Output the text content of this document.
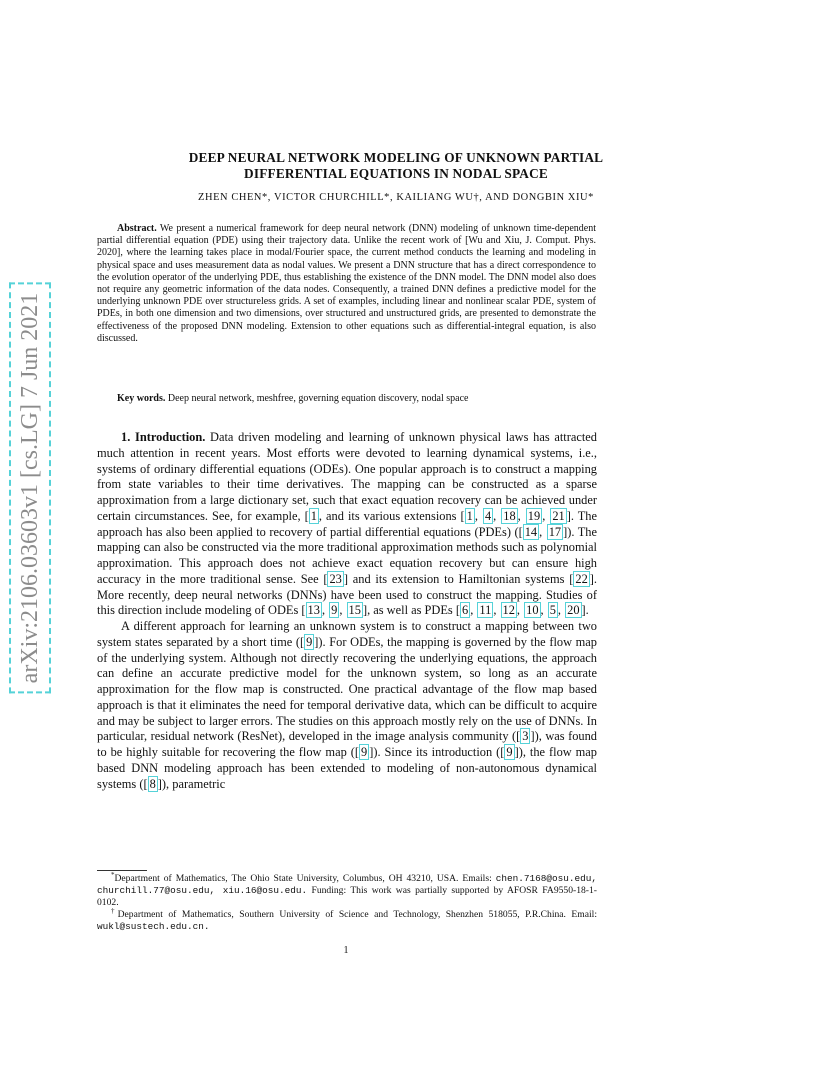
arXiv:2106.03603v1 [cs.LG] 7 Jun 2021
DEEP NEURAL NETWORK MODELING OF UNKNOWN PARTIAL
DIFFERENTIAL EQUATIONS IN NODAL SPACE
ZHEN CHEN*, VICTOR CHURCHILL*, KAILIANG WU†, AND DONGBIN XIU*

Abstract. We present a numerical framework for deep neural network (DNN) modeling of unknown time-dependent partial differential equation (PDE) using their trajectory data. Unlike the recent work of [Wu and Xiu, J. Comput. Phys. 2020], where the learning takes place in modal/Fourier space, the current method conducts the learning and modeling in physical space and uses measurement data as nodal values. We present a DNN structure that has a direct correspondence to the evolution operator of the underlying PDE, thus establishing the existence of the DNN model. The DNN model also does not require any geometric information of the data nodes. Consequently, a trained DNN defines a predictive model for the underlying unknown PDE over structureless grids. A set of examples, including linear and nonlinear scalar PDE, system of PDEs, in both one dimension and two dimensions, over structured and unstructured grids, are presented to demonstrate the effectiveness of the proposed DNN modeling. Extension to other equations such as differential-integral equation, is also discussed.

Key words. Deep neural network, meshfree, governing equation discovery, nodal space

1. Introduction. Data driven modeling and learning of unknown physical laws has attracted much attention in recent years. Most efforts were devoted to learning dynamical systems, i.e., systems of ordinary differential equations (ODEs). One popular approach is to construct a mapping from state variables to their time derivatives. The mapping can be constructed as a sparse approximation from a large dictionary set, such that exact equation recovery can be achieved under certain circumstances. See, for example, [ 1 , and its various extensions [ 1 , 4 , 18 , 19 , 21 ]. The approach has also been applied to recovery of partial differential equations (PDEs) ([ 14 , 17 ]). The mapping can also be constructed via the more traditional approximation methods such as polynomial approximation. This approach does not achieve exact equation recovery but can ensure high accuracy in the more traditional sense. See [ 23 ] and its extension to Hamiltonian systems [ 22 ]. More recently, deep neural networks (DNNs) have been used to construct the mapping. Studies of this direction include modeling of ODEs [ 13 , 9 , 15 ], as well as PDEs [ 6 , 11 , 12 , 10 , 5 , 20 ].

A different approach for learning an unknown system is to construct a mapping between two system states separated by a short time ([ 9 ]). For ODEs, the mapping is governed by the flow map of the underlying system. Although not directly recovering the underlying equations, the approach can define an accurate predictive model for the unknown system, so long as an accurate approximation for the flow map is constructed. One practical advantage of the flow map based approach is that it eliminates the need for temporal derivative data, which can be difficult to acquire and may be subject to larger errors. The studies on this approach mostly rely on the use of DNNs. In particular, residual network (ResNet), developed in the image analysis community ([ 3 ]), was found to be highly suitable for recovering the flow map ([ 9 ]). Since its introduction ([ 9 ]), the flow map based DNN modeling approach has been extended to modeling of non-autonomous dynamical systems ([ 8 ]), parametric

*Department of Mathematics, The Ohio State University, Columbus, OH 43210, USA. Emails: chen.7168@osu.edu, churchill.77@osu.edu, xiu.16@osu.edu. Funding: This work was partially supported by AFOSR FA9550-18-1-0102.

†Department of Mathematics, Southern University of Science and Technology, Shenzhen 518055, P.R.China. Email: wukl@sustech.edu.cn.

1
